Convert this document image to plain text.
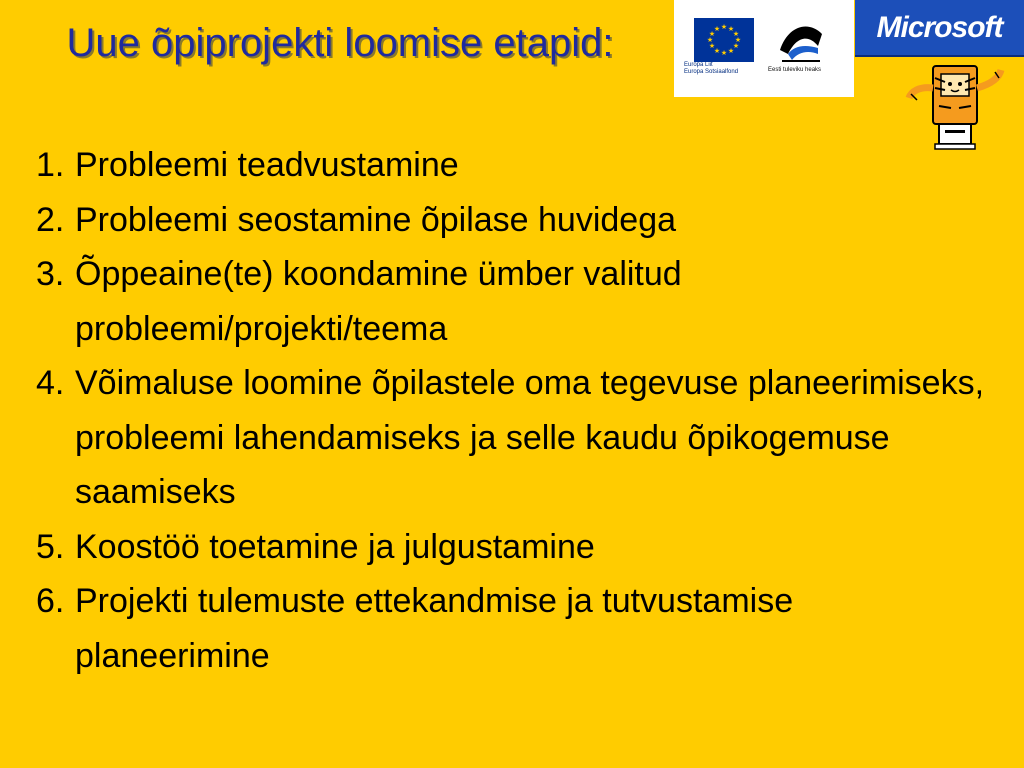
Uue õpiprojekti loomise etapid:	★ ★
★
★
★
★
★
★
★
★
★
★
Europa Liit
Europa Sotsiaalfond	Eesti tuleviku heaks
Microsoft
1. Probleemi teadvustamine
2. Probleemi seostamine õpilase huvidega
3. Õppeaine(te) koondamine ümber valitud probleemi/projekti/teema
4. Võimaluse loomine õpilastele oma tegevuse planeerimiseks, probleemi lahendamiseks ja selle kaudu õpikogemuse saamiseks
5. Koostöö toetamine ja julgustamine
6. Projekti tulemuste ettekandmise ja tutvustamise planeerimine
